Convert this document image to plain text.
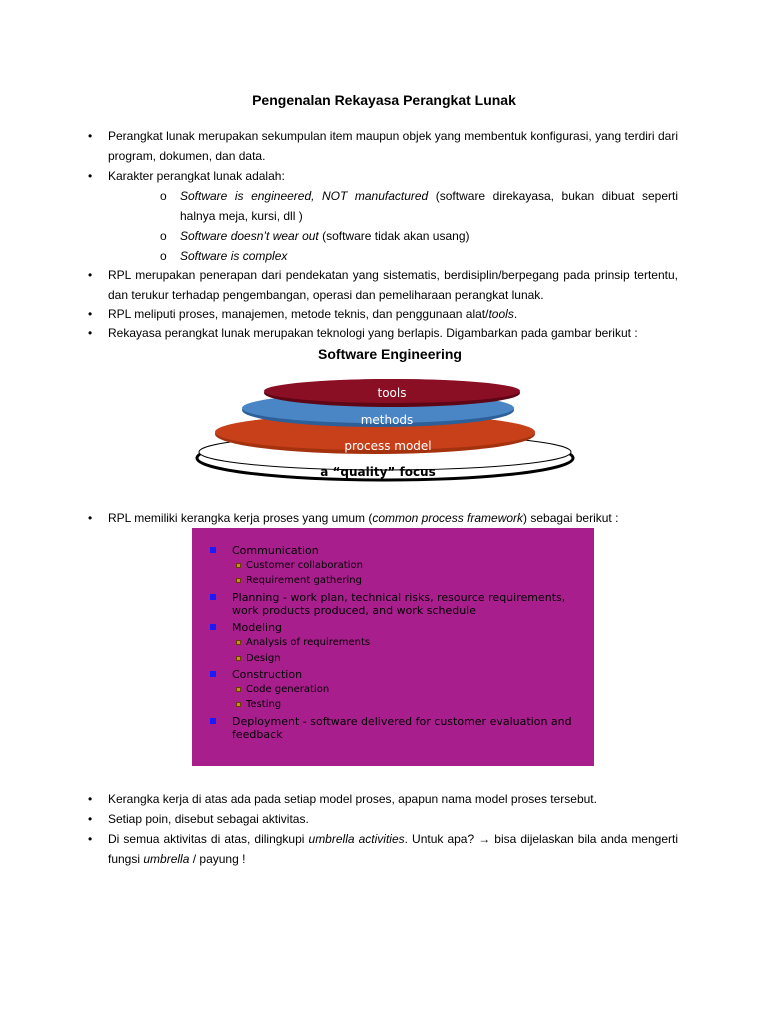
Pengenalan Rekayasa Perangkat Lunak
• Perangkat lunak merupakan sekumpulan item maupun objek yang membentuk konfigurasi, yang terdiri dari program, dokumen, dan data.
• Karakter perangkat lunak adalah:
o Software is engineered, NOT manufactured (software direkayasa, bukan dibuat seperti halnya meja, kursi, dll )
o Software doesn’t wear out (software tidak akan usang)
o Software is complex
• RPL merupakan penerapan dari pendekatan yang sistematis, berdisiplin/berpegang pada prinsip tertentu, dan terukur terhadap pengembangan, operasi dan pemeliharaan perangkat lunak.
• RPL meliputi proses, manajemen, metode teknis, dan penggunaan alat/tools.
• Rekayasa perangkat lunak merupakan teknologi yang berlapis. Digambarkan pada gambar berikut :
Software Engineering
tools
methods
process model
a “quality” focus
• RPL memiliki kerangka kerja proses yang umum (common process framework) sebagai berikut :
Communication
Customer collaboration
Requirement gathering
Planning - work plan, technical risks, resource requirements, work products produced, and work schedule
Modeling
Analysis of requirements
Design
Construction
Code generation
Testing
Deployment - software delivered for customer evaluation and feedback
• Kerangka kerja di atas ada pada setiap model proses, apapun nama model proses tersebut.
• Setiap poin, disebut sebagai aktivitas.
• Di semua aktivitas di atas, dilingkupi umbrella activities. Untuk apa? → bisa dijelaskan bila anda mengerti fungsi umbrella / payung !
